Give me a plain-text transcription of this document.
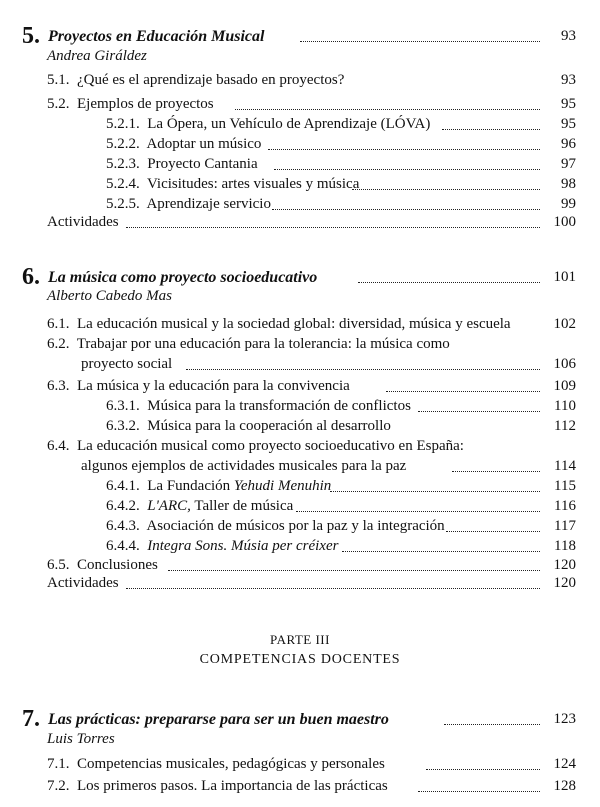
5. Proyectos en Educación Musical	93
Andrea Giráldez
5.1. ¿Qué es el aprendizaje basado en proyectos?	93
5.2. Ejemplos de proyectos	95
5.2.1. La Ópera, un Vehículo de Aprendizaje (LÓVA)	95
5.2.2. Adoptar un músico	96
5.2.3. Proyecto Cantania	97
5.2.4. Vicisitudes: artes visuales y música	98
5.2.5. Aprendizaje servicio	99
Actividades	100
6. La música como proyecto socioeducativo	101
Alberto Cabedo Mas
6.1. La educación musical y la sociedad global: diversidad, música y escuela	102
6.2. Trabajar por una educación para la tolerancia: la música como
proyecto social	106
6.3. La música y la educación para la convivencia	109
6.3.1. Música para la transformación de conflictos	110
6.3.2. Música para la cooperación al desarrollo	112
6.4. La educación musical como proyecto socioeducativo en España:
algunos ejemplos de actividades musicales para la paz	114
6.4.1. La Fundación Yehudi Menuhin	115
6.4.2. L'ARC, Taller de música	116
6.4.3. Asociación de músicos por la paz y la integración	117
6.4.4. Integra Sons. Músia per créixer	118
6.5. Conclusiones	120
Actividades	120
PARTE III
COMPETENCIAS DOCENTES
7. Las prácticas: prepararse para ser un buen maestro	123
Luis Torres
7.1. Competencias musicales, pedagógicas y personales	124
7.2. Los primeros pasos. La importancia de las prácticas	128
